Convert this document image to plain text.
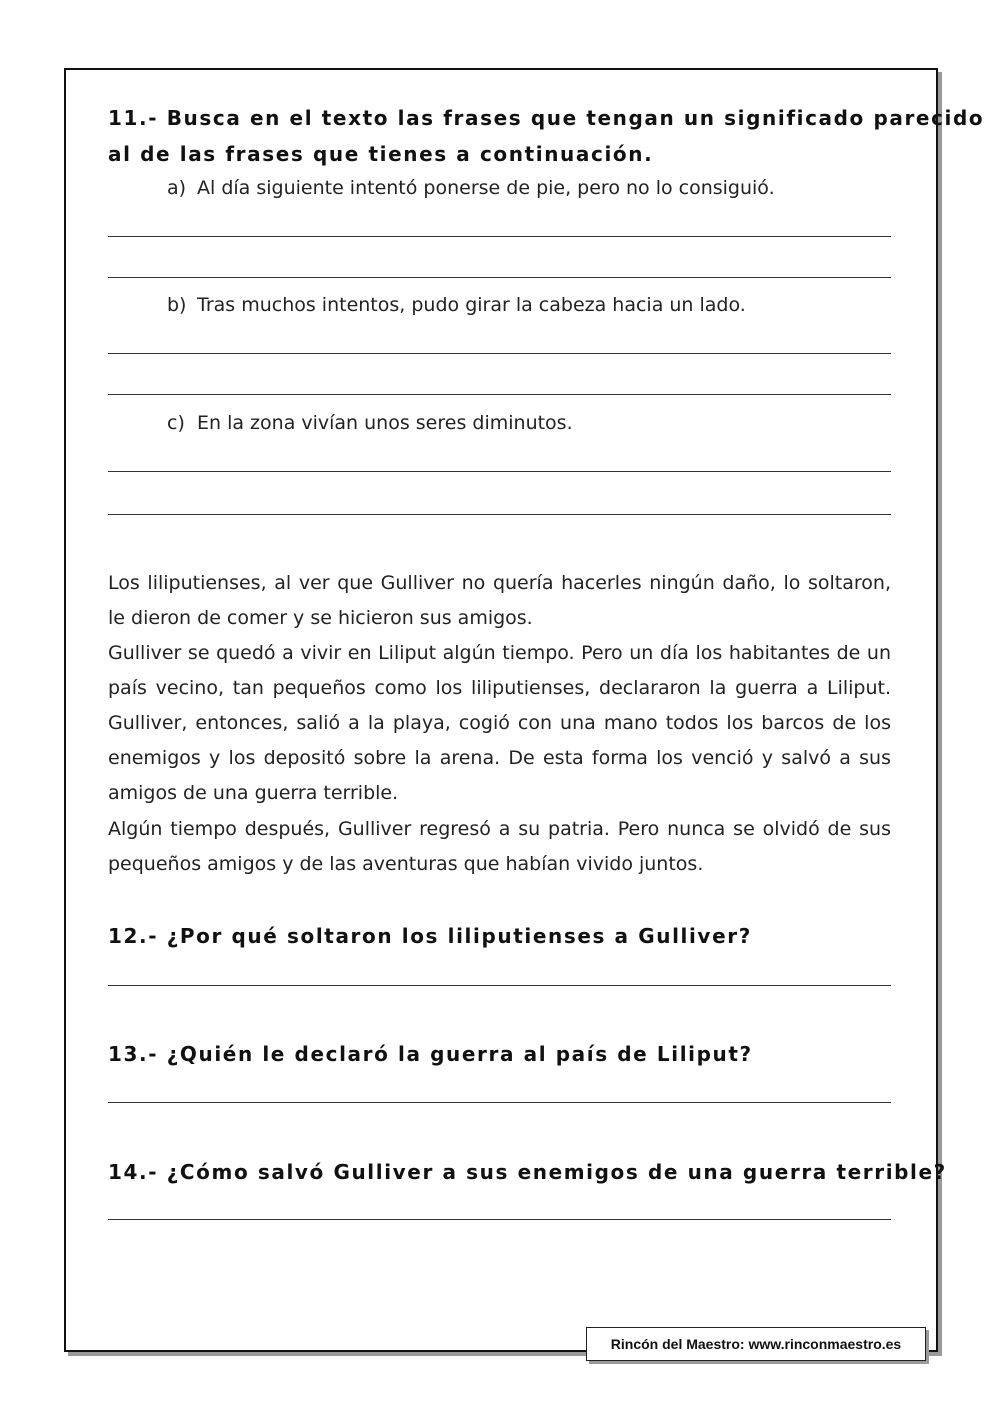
11.- Busca en el texto las frases que tengan un significado parecido
al de las frases que tienes a continuación.
a) Al día siguiente intentó ponerse de pie, pero no lo consiguió.
b) Tras muchos intentos, pudo girar la cabeza hacia un lado.
c) En la zona vivían unos seres diminutos.

Los liliputienses, al ver que Gulliver no quería hacerles ningún daño, lo soltaron, le dieron de comer y se hicieron sus amigos.

Gulliver se quedó a vivir en Liliput algún tiempo. Pero un día los habitantes de un país vecino, tan pequeños como los liliputienses, declararon la guerra a Liliput. Gulliver, entonces, salió a la playa, cogió con una mano todos los barcos de los enemigos y los depositó sobre la arena. De esta forma los venció y salvó a sus amigos de una guerra terrible.

Algún tiempo después, Gulliver regresó a su patria. Pero nunca se olvidó de sus pequeños amigos y de las aventuras que habían vivido juntos.

12.- ¿Por qué soltaron los liliputienses a Gulliver?
13.- ¿Quién le declaró la guerra al país de Liliput?
14.- ¿Cómo salvó Gulliver a sus enemigos de una guerra terrible?
Rincón del Maestro: www.rinconmaestro.es
